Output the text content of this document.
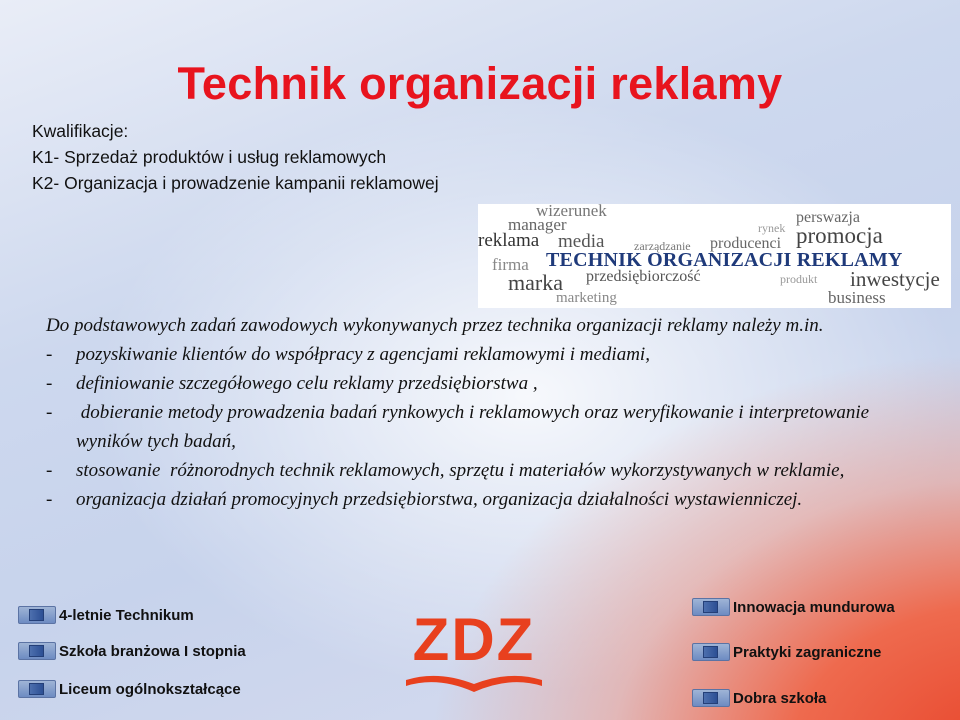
Technik organizacji reklamy
Kwalifikacje:
K1- Sprzedaż produktów i usług reklamowych
K2- Organizacja i prowadzenie kampanii reklamowej
wizerunek
manager	rynek
perswazja
reklama media zarządzanie producenci promocja
TECHNIK ORGANIZACJI REKLAMY
firma
marka przedsiębiorczość	produkt inwestycje
marketing	business

Do podstawowych zadań zawodowych wykonywanych przez technika organizacji reklamy należy m.in.

- pozyskiwanie klientów do współpracy z agencjami reklamowymi i mediami,
- definiowanie szczegółowego celu reklamy przedsiębiorstwa ,
- dobieranie metody prowadzenia badań rynkowych i reklamowych oraz weryfikowanie i interpretowanie wyników tych badań,
- stosowanie  różnorodnych technik reklamowych, sprzętu i materiałów wykorzystywanych w reklamie,
- organizacja działań promocyjnych przedsiębiorstwa, organizacja działalności wystawienniczej.
4-letnie Technikum
Szkoła branżowa I stopnia
Liceum ogólnokształcące
Innowacja mundurowa
Praktyki zagraniczne
Dobra szkoła
ZDZ
